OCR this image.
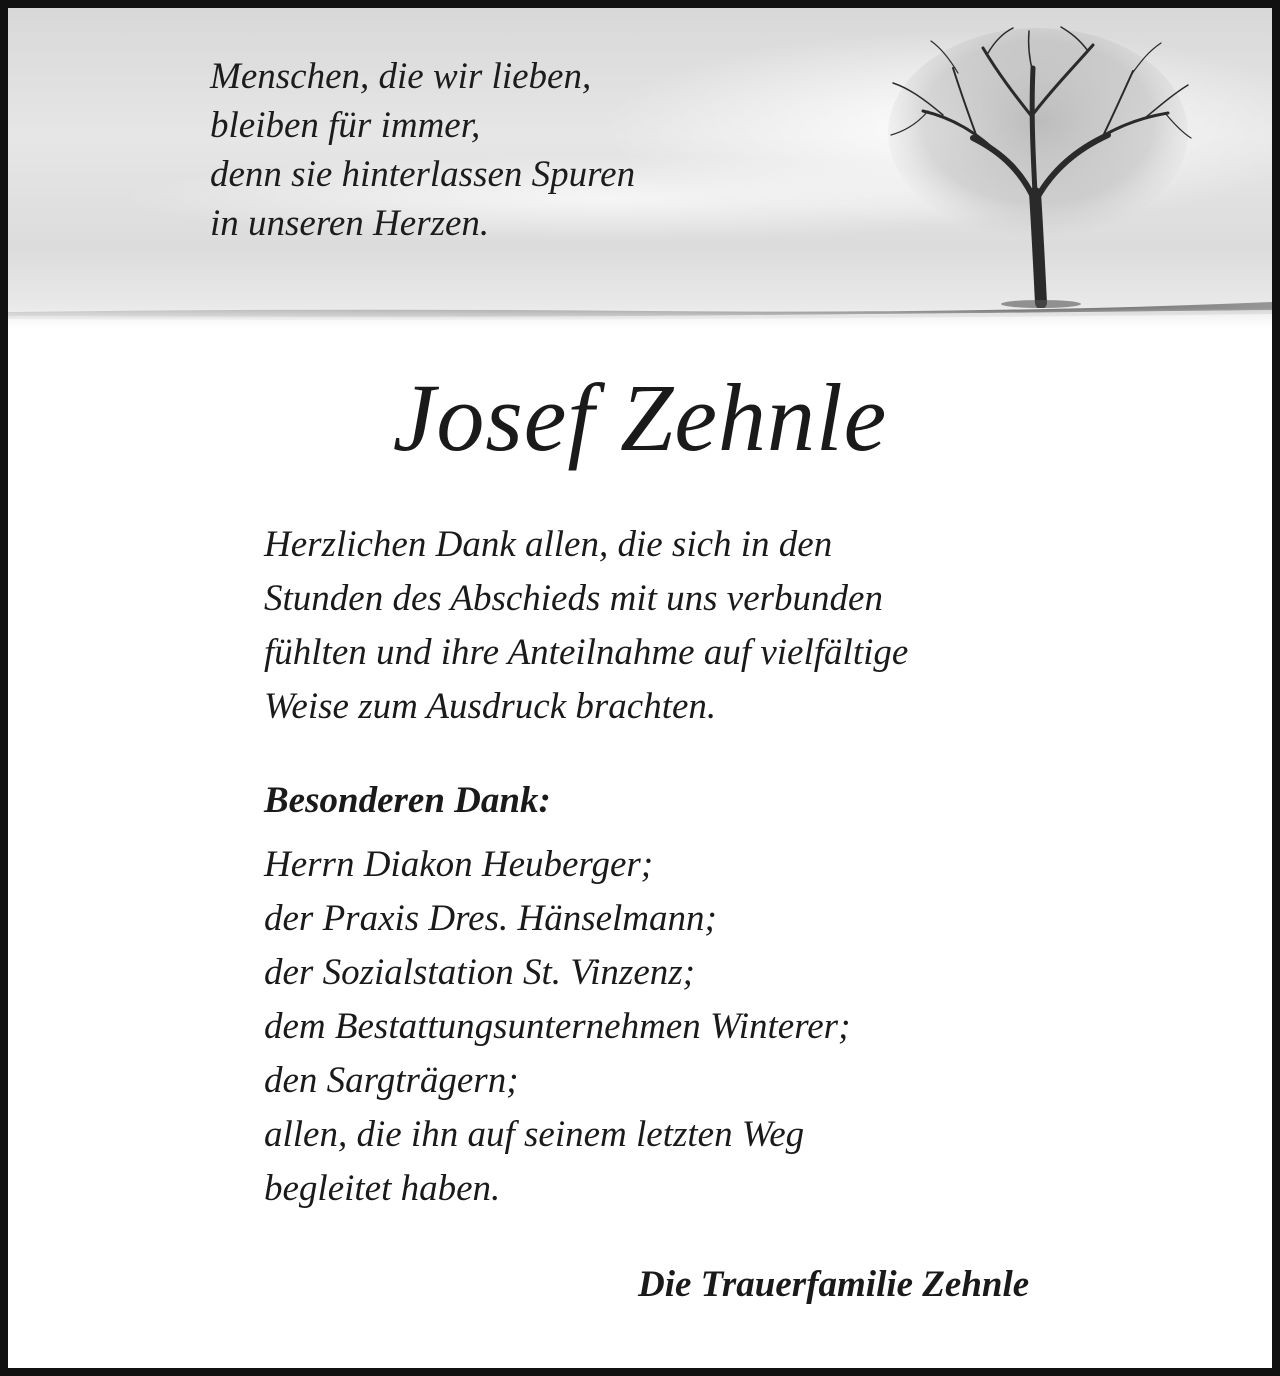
Menschen, die wir lieben,
bleiben für immer,
denn sie hinterlassen Spuren
in unseren Herzen.

Josef Zehnle

Herzlichen Dank allen, die sich in den
Stunden des Abschieds mit uns verbunden
fühlten und ihre Anteilnahme auf vielfältige
Weise zum Ausdruck brachten.

Besonderen Dank:

Herrn Diakon Heuberger;
der Praxis Dres. Hänselmann;
der Sozialstation St. Vinzenz;
dem Bestattungsunternehmen Winterer;
den Sargträgern;
allen, die ihn auf seinem letzten Weg
begleitet haben.

Die Trauerfamilie Zehnle
